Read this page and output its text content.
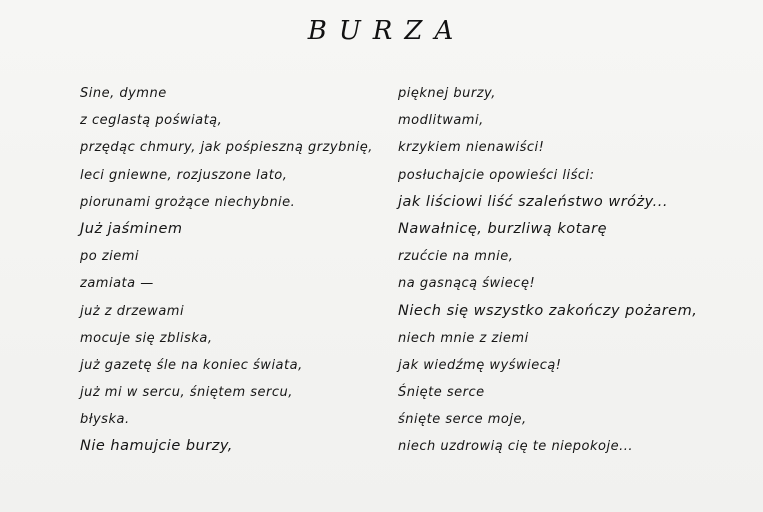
BURZA
Sine, dymne
z ceglastą poświatą,
przędąc chmury, jak pośpieszną grzybnię,
leci gniewne, rozjuszone lato,
piorunami grożące niechybnie.
Już jaśminem
po ziemi
zamiata —
już z drzewami
mocuje się zbliska,
już gazetę śle na koniec świata,
już mi w sercu, śniętem sercu,
błyska.
Nie hamujcie burzy,
pięknej burzy,
modlitwami,
krzykiem nienawiści!
posłuchajcie opowieści liści:
jak liściowi liść szaleństwo wróży...
Nawałnicę, burzliwą kotarę
rzućcie na mnie,
na gasnącą świecę!
Niech się wszystko zakończy pożarem,
niech mnie z ziemi
jak wiedźmę wyświecą!
Śnięte serce
śnięte serce moje,
niech uzdrowią cię te niepokoje...
